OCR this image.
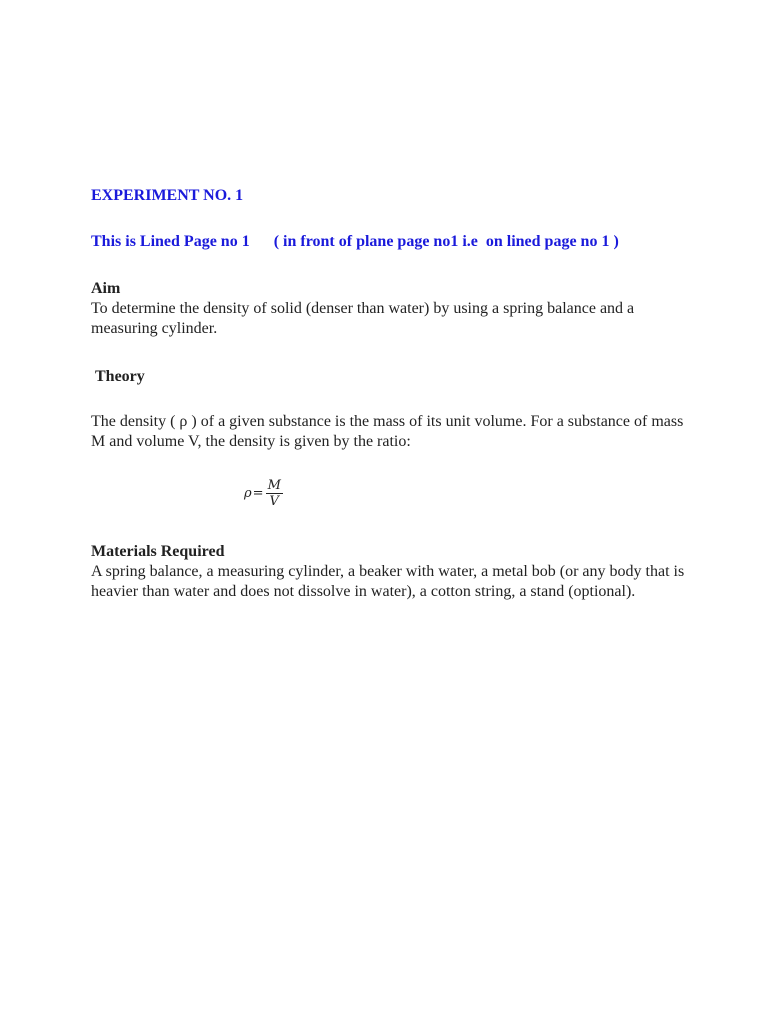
EXPERIMENT NO. 1
This is Lined Page no 1      ( in front of plane page no1 i.e  on lined page no 1 )
Aim
To determine the density of solid (denser than water) by using a spring balance and a measuring cylinder.
Theory
The density ( ρ ) of a given substance is the mass of its unit volume. For a substance of mass M and volume V, the density is given by the ratio:
$\rho = \frac{M}{V}$
Materials Required
A spring balance, a measuring cylinder, a beaker with water, a metal bob (or any body that is heavier than water and does not dissolve in water), a cotton string, a stand (optional).
